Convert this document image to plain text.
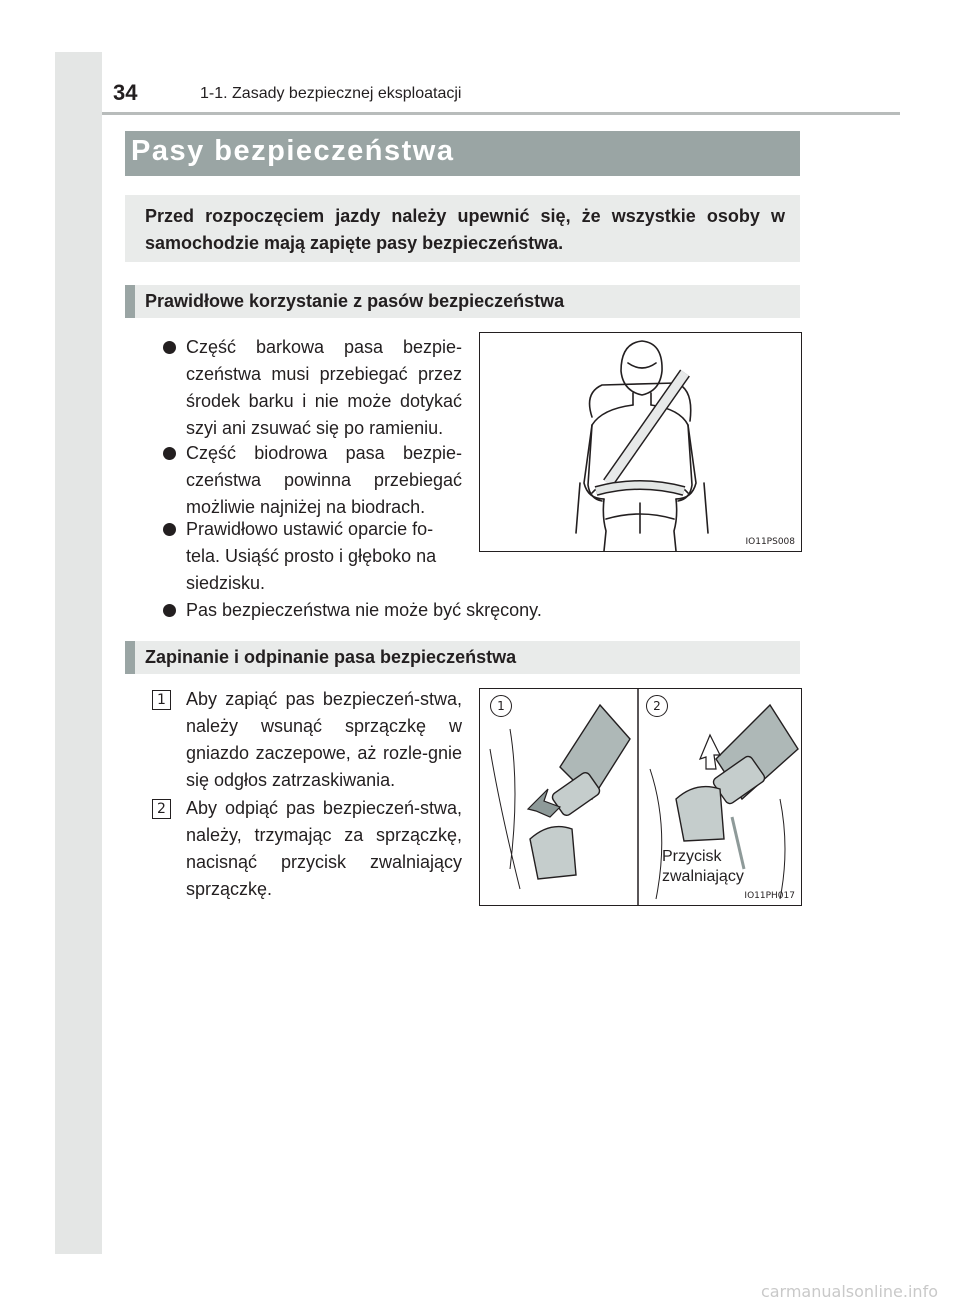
34	1-1. Zasady bezpiecznej eksploatacji
Pasy bezpieczeństwa
Przed rozpoczęciem jazdy należy upewnić się, że wszystkie osoby w samochodzie mają zapięte pasy bezpieczeństwa.
Prawidłowe korzystanie z pasów bezpieczeństwa
Część barkowa pasa bezpie-czeństwa musi przebiegać przez środek barku i nie może dotykać szyi ani zsuwać się po ramieniu.
Część biodrowa pasa bezpie-czeństwa powinna przebiegać możliwie najniżej na biodrach.
Prawidłowo ustawić oparcie fo-tela. Usiąść prosto i głęboko na siedzisku.
Pas bezpieczeństwa nie może być skręcony.
IO11PS008
Zapinanie i odpinanie pasa bezpieczeństwa
1 Aby zapiąć pas bezpieczeń-stwa, należy wsunąć sprzączkę w gniazdo zaczepowe, aż rozle-gnie się odgłos zatrzaskiwania.
2 Aby odpiąć pas bezpieczeń-stwa, należy, trzymając za sprzączkę, nacisnąć przycisk zwalniający sprzączkę.
1	2
Przycisk
zwalniający
IO11PH017
carmanualsonline.info
